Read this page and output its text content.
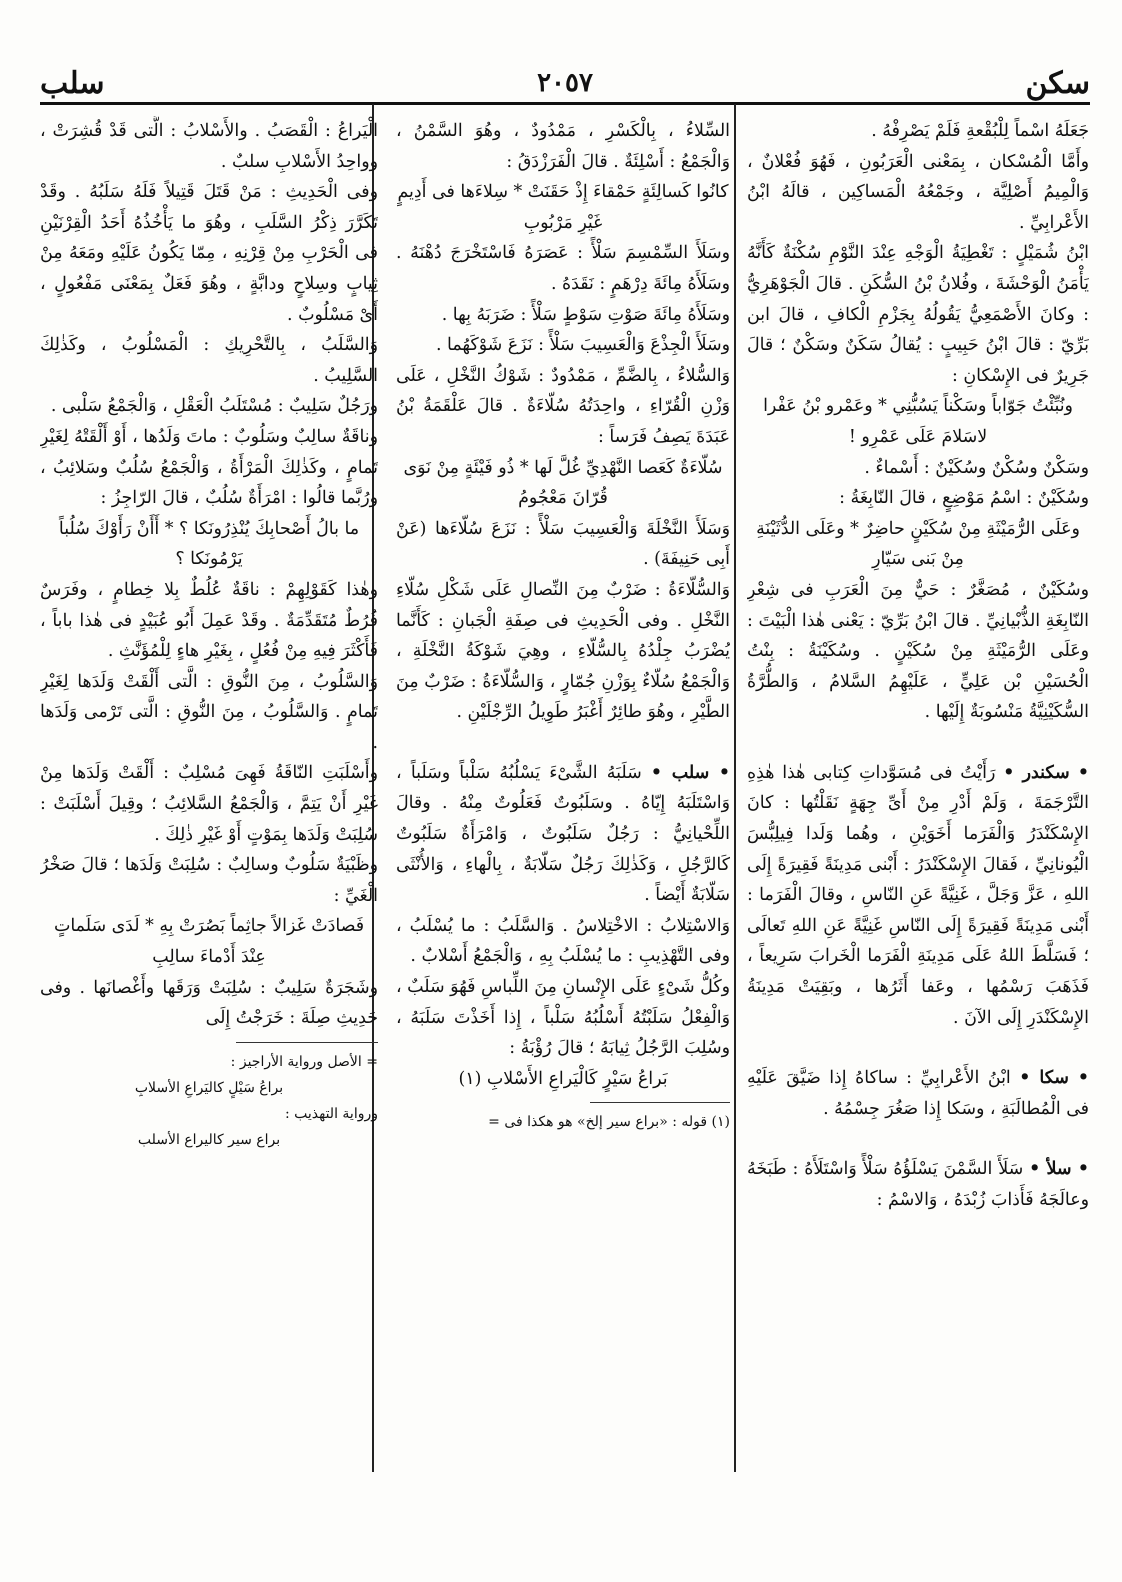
سكن
٢٠٥٧
سلب

جَعَلَهُ اسْماً لِلْبُقْعةِ فَلَمْ يَصْرِفْهُ .

وأَمَّا الْمُسْكان ، بِمَعْنى الْعَرَبُونِ ، فَهُوَ فُعْلانٌ ، وَالْمِيمُ أَصْلِيَّة ، وجَمْعُهُ الْمَساكِين ، قالَهُ ابْنُ الأَعْرابِيِّ .

ابْنُ شُمَيْلٍ : تَغْطِيَةُ الْوَجْهِ عِنْدَ النَّوْمِ سُكْنَةٌ كَأَنَّهُ يَأْمَنُ الْوَحْشَةَ ، وفُلانُ بْنُ السُّكَنِ . قالَ الْجَوْهَرِيُّ : وكانَ الأَصْمَعِيُّ يَقُولُهُ بِجَزْمِ الْكافِ ، قالَ ابن بَرِّيّ : قالَ ابْنُ حَبِيبٍ : يُقالُ سَكَنٌ وسَكْنٌ ؛ قالَ جَرِيرٌ فى الإِسْكانِ :

ونُبِّئْتُ جَوّاباً وسَكْناً يَسُبُّنِي * وعَمْرو بْنُ عَفْرا لاسَلامَ عَلَى عَمْرِو !

وسَكْنٌ وسُكْنٌ وسُكَيْنٌ : أَسْماءٌ .

وسُكَيْنٌ : اسْمُ مَوْضِعٍ ، قالَ النّابِغَةُ :

وعَلَى الرُّمَيْثَةِ مِنْ سُكَيْنٍ حاضِرٌ * وعَلَى الدُّثَيْنَةِ مِنْ بَنى سَيّارِ

وسُكَيْنٌ ، مُصَغَّرٌ : حَيٌّ مِنَ الْعَرَبِ فى شِعْرِ النّابِغَةِ الذُّبْيانِيِّ . قالَ ابْنُ بَرِّيّ : يَعْنى هٰذا الْبَيْتَ : وعَلَى الرُّمَيْثَةِ مِنْ سُكَيْنٍ . وسُكَيْنَةُ : بِنْتُ الْحُسَيْنِ بْن عَلِيٍّ ، عَلَيْهِمُ السَّلامُ ، وَالطُّرَّةُ السُّكَيْنِيَّةُ مَنْسُوبَةٌ إِلَيْها .

• سكندر • رَأَيْتُ فى مُسَوَّداتِ كِتابى هٰذا هٰذِهِ التَّرْجَمَةَ ، وَلَمْ أَدْرِ مِنْ أَىِّ جِهَةٍ نَقَلْتُها : كانَ الإِسْكَنْدَرُ وَالْفَرَما أَخَوَيْنِ ، وهُما وَلَدا فِيلِبُّسَ الْيُونانِيِّ ، فَقالَ الإِسْكَنْدَرُ : أَبْنى مَدِينَةً فَقِيرَةً إِلَى اللهِ ، عَزَّ وَجَلَّ ، غَنِيَّةً عَنِ النّاسِ ، وقالَ الْفَرَما : أَبْنى مَدِينَةً فَقِيرَةً إِلَى النّاسِ غَنِيَّةً عَنِ اللهِ تَعالَى ؛ فَسَلَّطَ اللهُ عَلَى مَدِينَةِ الْفَرَما الْخَرابَ سَرِيعاً ، فَذَهَبَ رَسْمُها ، وعَفا أَثَرُها ، وبَقِيَتْ مَدِينَةُ الإِسْكَنْدَرِ إِلَى الآنَ .

• سكا • ابْنُ الأَعْرابِيِّ : ساكاهُ إِذا ضَيَّقَ عَلَيْهِ فى الْمُطالَبَةِ ، وسَكا إِذا صَغُرَ جِسْمُهُ .

• سلأ • سَلَأَ السَّمْنَ يَسْلَؤُهُ سَلْأً وَاسْتَلَأَهُ : طَبَخَهُ وعالَجَهُ فَأَذابَ زُبْدَهُ ، وَالاسْمُ :

السِّلاءُ ، بِالْكَسْرِ ، مَمْدُودٌ ، وهُوَ السَّمْنُ ، وَالْجَمْعُ : أَسْلِئَةٌ . قالَ الْفَرَزْدَقُ :

كانُوا كَسالِئَةٍ حَمْقاءَ إِذْ حَقَنَتْ * سِلاءَها فى أَدِيمٍ غَيْرِ مَرْبُوبِ

وسَلَأَ السِّمْسِمَ سَلْأً : عَصَرَهُ فَاسْتَخْرَجَ دُهْنَهُ . وسَلَأَهُ مِائَةَ دِرْهَمٍ : نَقَدَهُ .

وسَلَأَهُ مِائَةَ صَوْتِ سَوْطٍ سَلْأً : ضَرَبَهُ بِها .

وسَلَأَ الْجِذْعَ وَالْعَسِيبَ سَلْأً : نَزَعَ شَوْكَهُما .

وَالسُّلاءُ ، بِالضَّمِّ ، مَمْدُودٌ : شَوْكُ النَّخْلِ ، عَلَى وَزْنِ الْقُرّاءِ ، واحِدَتُهُ سُلّاءَةٌ . قالَ عَلْقَمَةُ بْنُ عَبَدَةَ يَصِفُ فَرَساً :

سُلّاءَةٌ كَعَصا النَّهْدِيِّ غُلَّ لَها * ذُو فَيْئَةٍ مِنْ نَوَى قُرّانَ مَعْجُومُ

وَسَلَأَ النَّخْلَةَ وَالْعَسِيبَ سَلْأً : نَزَعَ سُلّاءَها (عَنْ أَبِى حَنِيفَةَ) .

وَالسُّلّاءَةُ : ضَرْبٌ مِنَ النِّصالِ عَلَى شَكْلِ سُلّاءِ النَّخْلِ . وفى الْحَدِيثِ فى صِفَةِ الْجَبانِ : كَأَنَّما يُضْرَبُ جِلْدُهُ بِالسُّلّاءِ ، وهِيَ شَوْكَةُ النَّخْلَةِ ، وَالْجَمْعُ سُلّاءٌ بِوَزْنِ جُمّارٍ ، وَالسُّلّاءَةُ : ضَرْبٌ مِنَ الطَّيْرِ ، وهُوَ طائِرٌ أَغْبَرُ طَوِيلُ الرِّجْلَيْنِ .

• سلب • سَلَبَهُ الشَّىْءَ يَسْلُبُهُ سَلْباً وسَلَباً ، وَاسْتَلَبَهُ إِيّاهُ . وسَلَبُوتٌ فَعَلُوتٌ مِنْهُ . وقالَ اللِّحْيانِيُّ : رَجُلٌ سَلَبُوتٌ ، وَامْرَأَةٌ سَلَبُوتٌ كَالرَّجُلِ ، وَكَذٰلِكَ رَجُلٌ سَلّابَةٌ ، بِالْهاءِ ، وَالأُنْثَى سَلّابَةٌ أَيْضاً .

وَالاسْتِلابُ : الاخْتِلاسُ . وَالسَّلَبُ : ما يُسْلَبُ ، وفى التَّهْذِيبِ : ما يُسْلَبُ بِهِ ، وَالْجَمْعُ أَسْلابٌ .

وكُلُّ شَىْءٍ عَلَى الإِنْسانِ مِنَ اللِّباسِ فَهُوَ سَلَبٌ ، وَالْفِعْلُ سَلَبْتُهُ أَسْلُبُهُ سَلْباً ، إِذا أَخَذْتَ سَلَبَهُ ، وسُلِبَ الرَّجُلُ ثِيابَهُ ؛ قالَ رُؤْبَةُ :

بَراعُ سَيْرٍ كَالْيَراعِ الأَسْلابِ (١)

(١) قوله : «براع سير إلخ» هو هكذا فى =

الْيَراعُ : الْقَصَبُ . والأَسْلابُ : الَّتى قَدْ قُشِرَتْ ، وواحِدُ الأَسْلابِ سلبٌ .

وفى الْحَدِيثِ : مَنْ قَتَلَ قَتِيلاً فَلَهُ سَلَبُهُ . وقَدْ تَكَرَّرَ ذِكْرُ السَّلَبِ ، وهُوَ ما يَأْخُذُهُ أَحَدُ الْقِرْنَيْنِ فى الْحَرْبِ مِنْ قِرْنِهِ ، مِمّا يَكُونُ عَلَيْهِ ومَعَهُ مِنْ ثِيابٍ وسِلاحٍ ودابَّةٍ ، وهُوَ فَعَلٌ بِمَعْنَى مَفْعُولٍ ، أَىْ مَسْلُوبٌ .

وَالسَّلَبُ ، بِالتَّحْرِيكِ : الْمَسْلُوبُ ، وكَذٰلِكَ السَّلِيبُ .

ورَجُلٌ سَلِيبٌ : مُسْتَلَبُ الْعَقْلِ ، وَالْجَمْعُ سَلْبى .

وناقَةٌ سالِبٌ وسَلُوبٌ : ماتَ وَلَدُها ، أَوْ أَلْقَتْهُ لِغَيْرِ تَمامٍ ، وكَذٰلِكَ الْمَرْأَةُ ، وَالْجَمْعُ سُلُبٌ وسَلائِبُ ، ورُبَّما قالُوا : امْرَأَةٌ سُلُبٌ ، قالَ الرّاجِزُ :

ما بالُ أَصْحابِكَ يُنْذِرُونَكا ؟ * أَأَنْ رَأَوْكَ سُلُباً يَرْمُونَكا ؟

وهٰذا كَقَوْلِهِمْ : ناقَةٌ عُلُطٌ بِلا خِطامٍ ، وفَرَسٌ فُرُطٌ مُتَقَدِّمَةٌ . وقَدْ عَمِلَ أَبُو عُبَيْدٍ فى هٰذا باباً ، فَأَكْثَرَ فِيهِ مِنْ فُعُلٍ ، بِغَيْرِ هاءٍ لِلْمُؤَنَّثِ .

وَالسَّلُوبُ ، مِنَ النُّوقِ : الَّتى أَلْقَتْ وَلَدَها لِغَيْرِ تَمامٍ . وَالسَّلُوبُ ، مِنَ النُّوقِ : الَّتى تَرْمى وَلَدَها .

وأَسْلَبَتِ النّاقَةُ فَهِىَ مُسْلِبٌ : أَلْقَتْ وَلَدَها مِنْ غَيْرِ أَنْ يَتِمَّ ، وَالْجَمْعُ السَّلائِبُ ؛ وقِيلَ أَسْلَبَتْ : سُلِبَتْ وَلَدَها بِمَوْتٍ أَوْ غَيْرِ ذٰلِكَ .

وظَبْيَةٌ سَلُوبٌ وسالِبٌ : سُلِبَتْ وَلَدَها ؛ قالَ صَخْرُ الْغَيِّ :

فَصادَتْ غَزالاً جاثِماً بَصُرَتْ بِهِ * لَدَى سَلَماتٍ عِنْدَ أَدْماءَ سالِبِ

وشَجَرَةٌ سَلِيبٌ : سُلِبَتْ وَرَقَها وأَغْصانَها . وفى حَدِيثِ صِلَةَ : خَرَجْتُ إِلَى

= الأصل ورواية الأراجيز :

براعُ سَيْلٍ كاليَراعِ الأسلابِ

ورواية التهذيب :

براع سير كاليراع الأسلب
